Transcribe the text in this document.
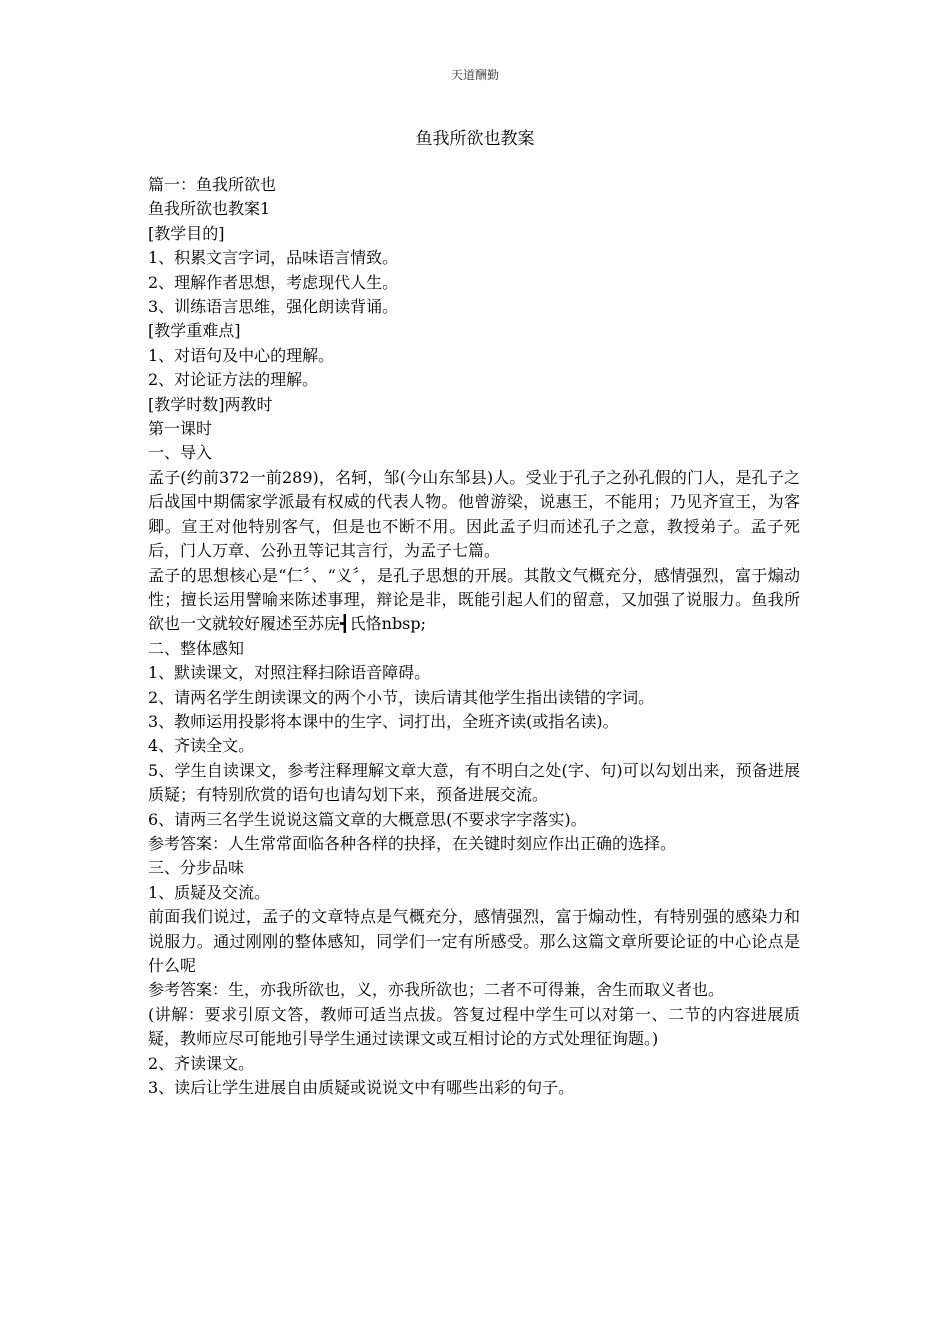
天道酬勤
鱼我所欲也教案

篇一：鱼我所欲也

鱼我所欲也教案1

[教学目的]

1、积累文言字词，品味语言情致。

2、理解作者思想，考虑现代人生。

3、训练语言思维，强化朗读背诵。

[教学重难点]

1、对语句及中心的理解。

2、对论证方法的理解。

[教学时数]两教时

第一课时

一、导入

孟子(约前372一前289)，名轲，邹(今山东邹县)人。受业于孔子之孙孔假的门人，是孔子之后战国中期儒家学派最有权威的代表人物。他曾游梁，说惠王，不能用；乃见齐宣王，为客卿。宣王对他特别客气，但是也不断不用。因此孟子归而述孔子之意，教授弟子。孟子死后，门人万章、公孙丑等记其言行，为孟子七篇。

孟子的思想核心是“仁〞、“义〞，是孔子思想的开展。其散文气概充分，感情强烈，富于煽动性；擅长运用譬喻来陈述事理，辩论是非，既能引起人们的留意，又加强了说服力。鱼我所欲也一文就较好履述至苏庑┫氏恪nbsp;

二、整体感知

1、默读课文，对照注释扫除语音障碍。

2、请两名学生朗读课文的两个小节，读后请其他学生指出读错的字词。

3、教师运用投影将本课中的生字、词打出，全班齐读(或指名读)。

4、齐读全文。

5、学生自读课文，参考注释理解文章大意，有不明白之处(字、句)可以勾划出来，预备进展质疑；有特别欣赏的语句也请勾划下来，预备进展交流。

6、请两三名学生说说这篇文章的大概意思(不要求字字落实)。

参考答案：人生常常面临各种各样的抉择，在关键时刻应作出正确的选择。

三、分步品味

1、质疑及交流。

前面我们说过，孟子的文章特点是气概充分，感情强烈，富于煽动性，有特别强的感染力和说服力。通过刚刚的整体感知，同学们一定有所感受。那么这篇文章所要论证的中心论点是什么呢

参考答案：生，亦我所欲也，义，亦我所欲也；二者不可得兼，舍生而取义者也。

(讲解：要求引原文答，教师可适当点拔。答复过程中学生可以对第一、二节的内容进展质疑，教师应尽可能地引导学生通过读课文或互相讨论的方式处理征询题。)

2、齐读课文。

3、读后让学生进展自由质疑或说说文中有哪些出彩的句子。
